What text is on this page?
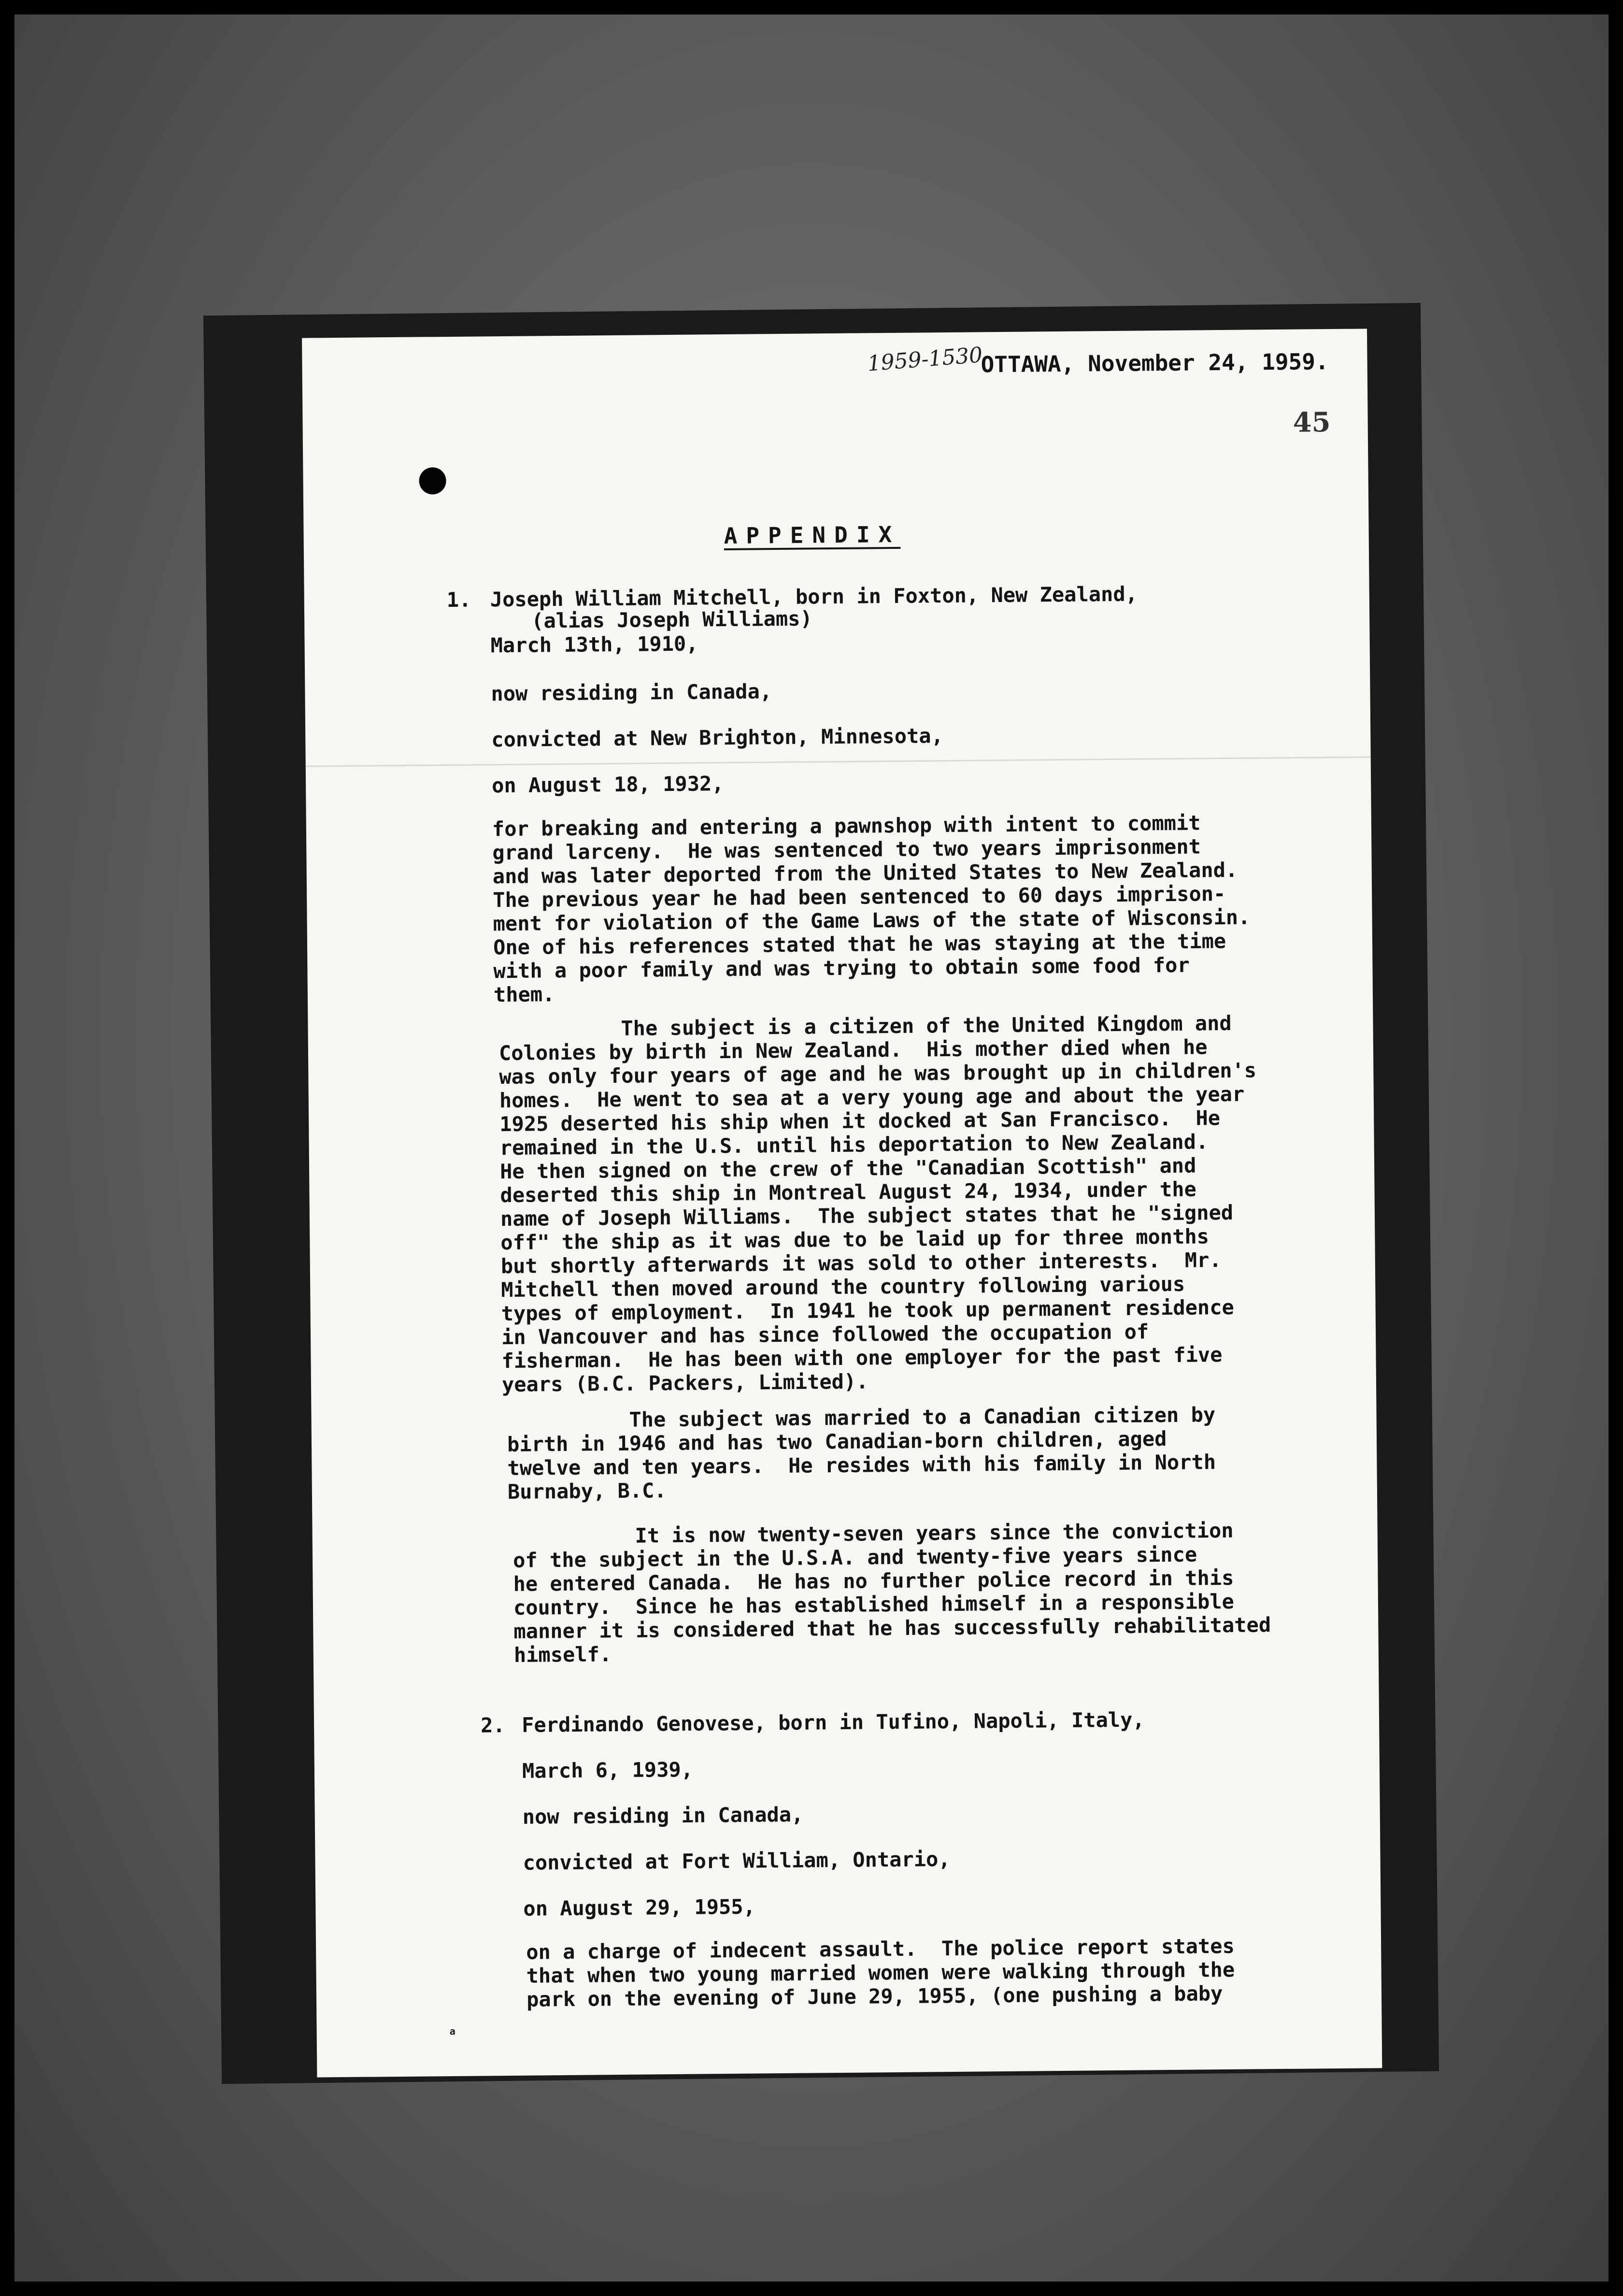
1959-1530
OTTAWA, November 24, 1959.
45
APPENDIX
1. Joseph William Mitchell, born in Foxton, New Zealand,
(alias Joseph Williams)
March 13th, 1910,
now residing in Canada,
convicted at New Brighton, Minnesota,
on August 18, 1932,
for breaking and entering a pawnshop with intent to commit
grand larceny.  He was sentenced to two years imprisonment
and was later deported from the United States to New Zealand.
The previous year he had been sentenced to 60 days imprison-
ment for violation of the Game Laws of the state of Wisconsin.
One of his references stated that he was staying at the time
with a poor family and was trying to obtain some food for
them.
The subject is a citizen of the United Kingdom and
Colonies by birth in New Zealand.  His mother died when he
was only four years of age and he was brought up in children's
homes.  He went to sea at a very young age and about the year
1925 deserted his ship when it docked at San Francisco.  He
remained in the U.S. until his deportation to New Zealand.
He then signed on the crew of the "Canadian Scottish" and
deserted this ship in Montreal August 24, 1934, under the
name of Joseph Williams.  The subject states that he "signed
off" the ship as it was due to be laid up for three months
but shortly afterwards it was sold to other interests.  Mr.
Mitchell then moved around the country following various
types of employment.  In 1941 he took up permanent residence
in Vancouver and has since followed the occupation of
fisherman.  He has been with one employer for the past five
years (B.C. Packers, Limited).
The subject was married to a Canadian citizen by
birth in 1946 and has two Canadian-born children, aged
twelve and ten years.  He resides with his family in North
Burnaby, B.C.
It is now twenty-seven years since the conviction
of the subject in the U.S.A. and twenty-five years since
he entered Canada.  He has no further police record in this
country.  Since he has established himself in a responsible
manner it is considered that he has successfully rehabilitated
himself.
2. Ferdinando Genovese, born in Tufino, Napoli, Italy,
March 6, 1939,
now residing in Canada,
convicted at Fort William, Ontario,
on August 29, 1955,
on a charge of indecent assault.  The police report states
that when two young married women were walking through the
park on the evening of June 29, 1955, (one pushing a baby
a
